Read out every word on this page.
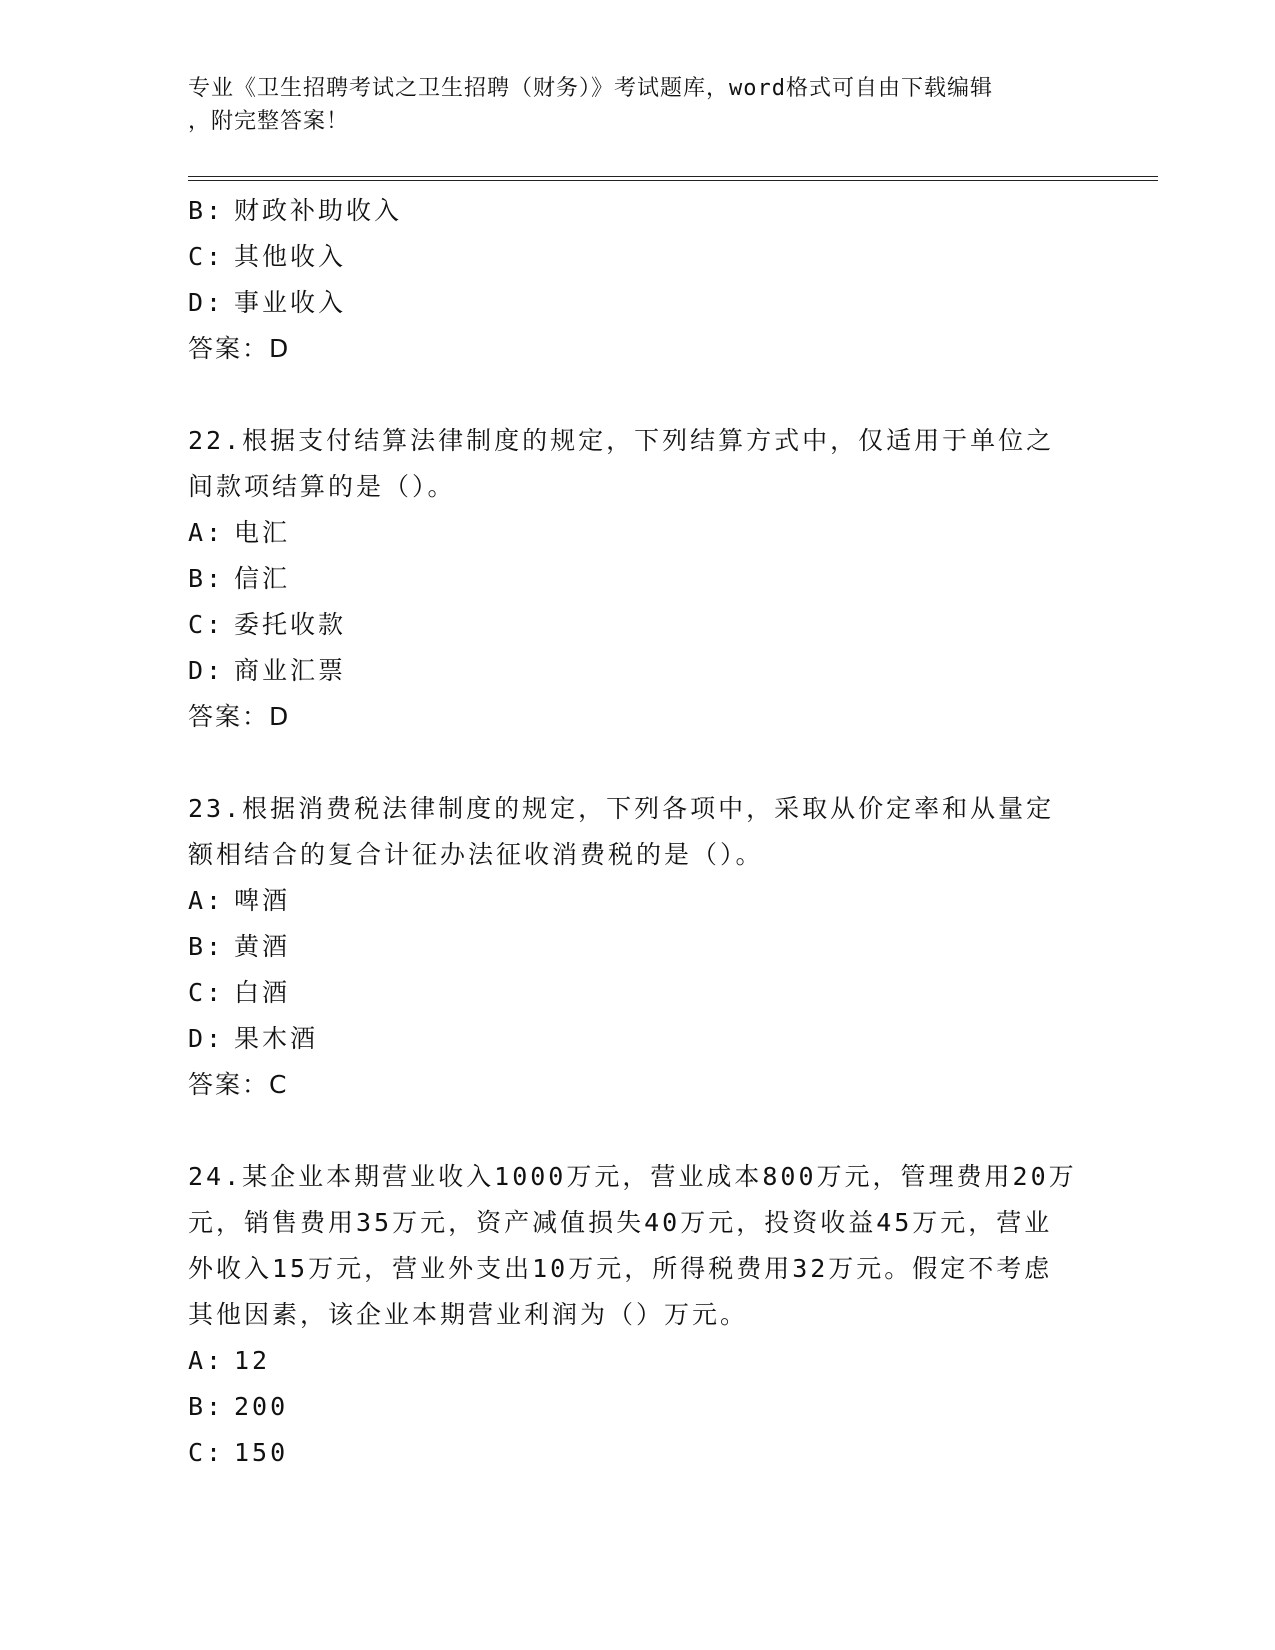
专业《卫生招聘考试之卫生招聘（财务）》考试题库，word格式可自由下载编辑
，附完整答案！
B: 财政补助收入
C: 其他收入
D: 事业收入
答案：D
22.根据支付结算法律制度的规定，下列结算方式中，仅适用于单位之间款项结算的是（）。
A: 电汇
B: 信汇
C: 委托收款
D: 商业汇票
答案：D
23.根据消费税法律制度的规定，下列各项中，采取从价定率和从量定额相结合的复合计征办法征收消费税的是（）。
A: 啤酒
B: 黄酒
C: 白酒
D: 果木酒
答案：C
24.某企业本期营业收入1000万元，营业成本800万元，管理费用20万元，销售费用35万元，资产减值损失40万元，投资收益45万元，营业外收入15万元，营业外支出10万元，所得税费用32万元。假定不考虑其他因素，该企业本期营业利润为（）万元。
A: 12
B: 200
C: 150
